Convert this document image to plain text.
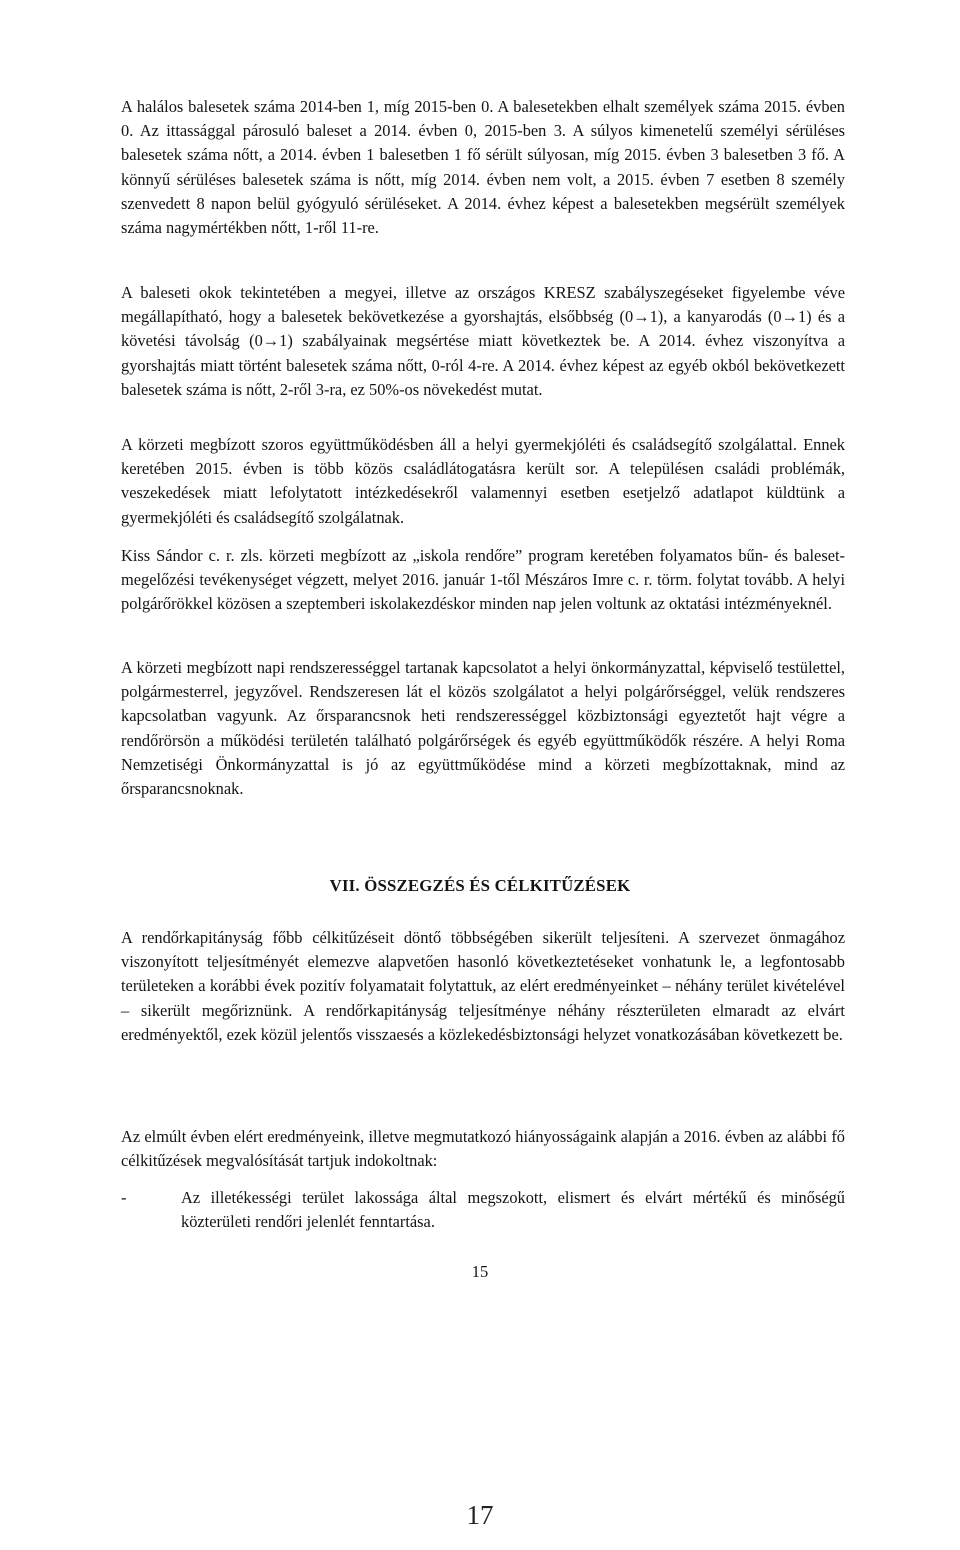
A halálos balesetek száma 2014-ben 1, míg 2015-ben 0. A balesetekben elhalt személyek száma 2015. évben 0. Az ittassággal párosuló baleset a 2014. évben 0, 2015-ben 3. A súlyos kimenetelű személyi sérüléses balesetek száma nőtt, a 2014. évben 1 balesetben 1 fő sérült súlyosan, míg 2015. évben 3 balesetben 3 fő. A könnyű sérüléses balesetek száma is nőtt, míg 2014. évben nem volt, a 2015. évben 7 esetben 8 személy szenvedett 8 napon belül gyógyuló sérüléseket. A 2014. évhez képest a balesetekben megsérült személyek száma nagymértékben nőtt, 1-ről 11-re.

A baleseti okok tekintetében a megyei, illetve az országos KRESZ szabályszegéseket figyelembe véve megállapítható, hogy a balesetek bekövetkezése a gyorshajtás, elsőbbség (0→1), a kanyarodás (0→1) és a követési távolság (0→1) szabályainak megsértése miatt következtek be. A 2014. évhez viszonyítva a gyorshajtás miatt történt balesetek száma nőtt, 0-ról 4-re. A 2014. évhez képest az egyéb okból bekövetkezett balesetek száma is nőtt, 2-ről 3-ra, ez 50%-os növekedést mutat.

A körzeti megbízott szoros együttműködésben áll a helyi gyermekjóléti és családsegítő szolgálattal. Ennek keretében 2015. évben is több közös családlátogatásra került sor. A településen családi problémák, veszekedések miatt lefolytatott intézkedésekről valamennyi esetben esetjelző adatlapot küldtünk a gyermekjóléti és családsegítő szolgálatnak.

Kiss Sándor c. r. zls. körzeti megbízott az „iskola rendőre” program keretében folyamatos bűn- és baleset-megelőzési tevékenységet végzett, melyet 2016. január 1-től Mészáros Imre c. r. törm. folytat tovább. A helyi polgárőrökkel közösen a szeptemberi iskolakezdéskor minden nap jelen voltunk az oktatási intézményeknél.

A körzeti megbízott napi rendszerességgel tartanak kapcsolatot a helyi önkormányzattal, képviselő testülettel, polgármesterrel, jegyzővel. Rendszeresen lát el közös szolgálatot a helyi polgárőrséggel, velük rendszeres kapcsolatban vagyunk. Az őrsparancsnok heti rendszerességgel közbiztonsági egyeztetőt hajt végre a rendőrörsön a működési területén található polgárőrségek és egyéb együttműködők részére. A helyi Roma Nemzetiségi Önkormányzattal is jó az együttműködése mind a körzeti megbízottaknak, mind az őrsparancsnoknak.

VII. ÖSSZEGZÉS ÉS CÉLKITŰZÉSEK

A rendőrkapitányság főbb célkitűzéseit döntő többségében sikerült teljesíteni. A szervezet önmagához viszonyított teljesítményét elemezve alapvetően hasonló következtetéseket vonhatunk le, a legfontosabb területeken a korábbi évek pozitív folyamatait folytattuk, az elért eredményeinket – néhány terület kivételével – sikerült megőriznünk. A rendőrkapitányság teljesítménye néhány részterületen elmaradt az elvárt eredményektől, ezek közül jelentős visszaesés a közlekedésbiztonsági helyzet vonatkozásában következett be.

Az elmúlt évben elért eredményeink, illetve megmutatkozó hiányosságaink alapján a 2016. évben az alábbi fő célkitűzések megvalósítását tartjuk indokoltnak:

-	Az illetékességi terület lakossága által megszokott, elismert és elvárt mértékű és minőségű közterületi rendőri jelenlét fenntartása.
15
17
